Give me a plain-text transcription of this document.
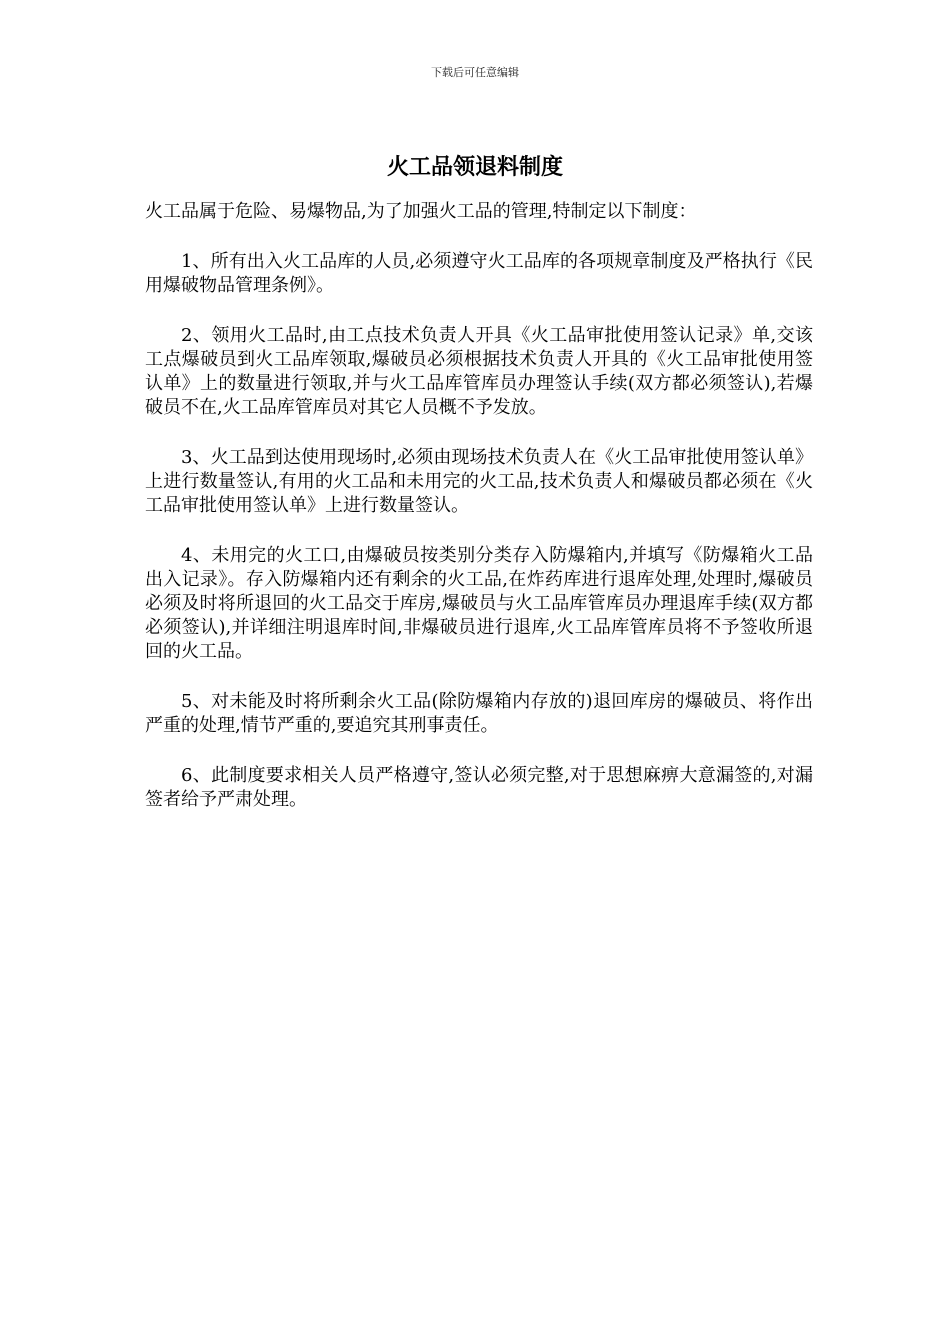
下载后可任意编辑
火工品领退料制度

火工品属于危险、易爆物品,为了加强火工品的管理,特制定以下制度：

1、所有出入火工品库的人员,必须遵守火工品库的各项规章制度及严格执行《民用爆破物品管理条例》。

2、领用火工品时,由工点技术负责人开具《火工品审批使用签认记录》单,交该工点爆破员到火工品库领取,爆破员必须根据技术负责人开具的《火工品审批使用签认单》上的数量进行领取,并与火工品库管库员办理签认手续(双方都必须签认),若爆破员不在,火工品库管库员对其它人员概不予发放。

3、火工品到达使用现场时,必须由现场技术负责人在《火工品审批使用签认单》上进行数量签认,有用的火工品和未用完的火工品,技术负责人和爆破员都必须在《火工品审批使用签认单》上进行数量签认。

4、未用完的火工口,由爆破员按类别分类存入防爆箱内,并填写《防爆箱火工品出入记录》。存入防爆箱内还有剩余的火工品,在炸药库进行退库处理,处理时,爆破员必须及时将所退回的火工品交于库房,爆破员与火工品库管库员办理退库手续(双方都必须签认),并详细注明退库时间,非爆破员进行退库,火工品库管库员将不予签收所退回的火工品。

5、对未能及时将所剩余火工品(除防爆箱内存放的)退回库房的爆破员、将作出严重的处理,情节严重的,要追究其刑事责任。

6、此制度要求相关人员严格遵守,签认必须完整,对于思想麻痹大意漏签的,对漏签者给予严肃处理。
